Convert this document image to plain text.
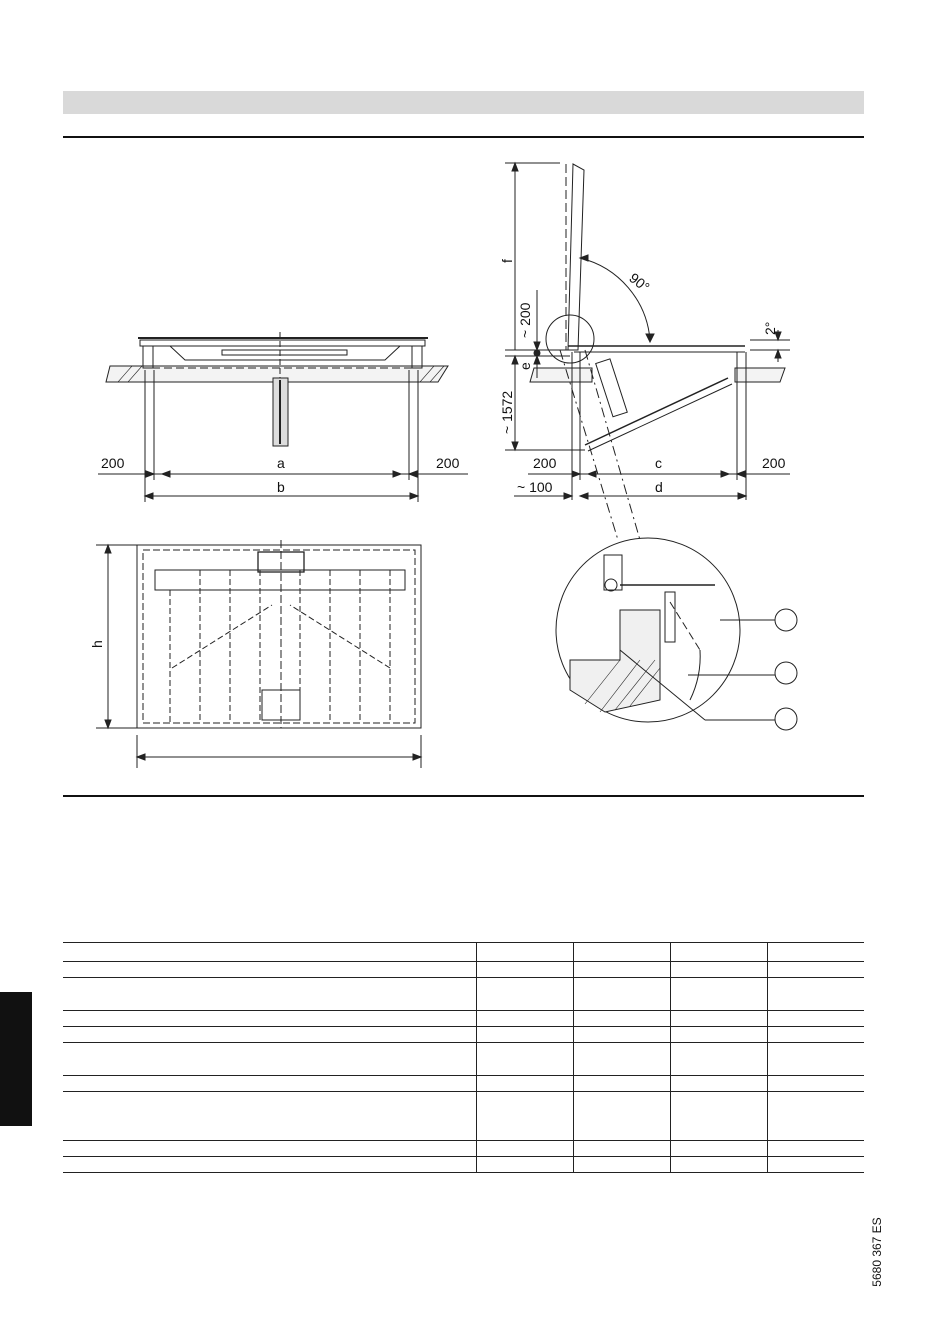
200	a	200
b
h
f
~ 200
e
~ 1572
90°
2°
200	c	200
~ 100	d

5680 367 ES
